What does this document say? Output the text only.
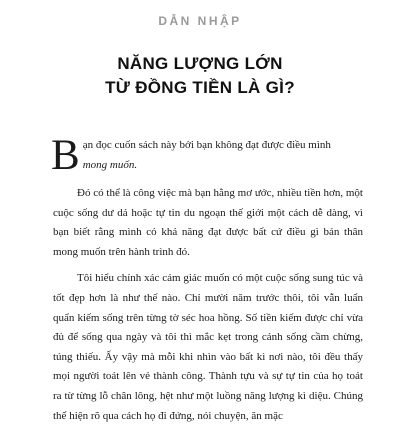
DẪN NHẬP
NĂNG LƯỢNG LỚN
TỪ ĐỒNG TIỀN LÀ GÌ?
B ạn đọc cuốn sách này bởi bạn không đạt được điều mình
mong muốn.

Đó có thể là công việc mà bạn hằng mơ ước, nhiều tiền hơn, một cuộc sống dư dả hoặc tự tin du ngoạn thế giới một cách dễ dàng, vì bạn biết rằng mình có khả năng đạt được bất cứ điều gì bản thân mong muốn trên hành trình đó.

Tôi hiểu chính xác cảm giác muốn có một cuộc sống sung túc và tốt đẹp hơn là như thế nào. Chỉ mười năm trước thôi, tôi vẫn luẩn quẩn kiếm sống trên từng tờ séc hoa hồng. Số tiền kiếm được chỉ vừa đủ để sống qua ngày và tôi thì mắc kẹt trong cảnh sống cầm chừng, túng thiếu. Ấy vậy mà mỗi khi nhìn vào bất kì nơi nào, tôi đều thấy mọi người toát lên vẻ thành công. Thành tựu và sự tự tin của họ toát ra từ từng lỗ chân lông, hệt như một luồng năng lượng kì diệu. Chúng thể hiện rõ qua cách họ đi đứng, nói chuyện, ăn mặc
